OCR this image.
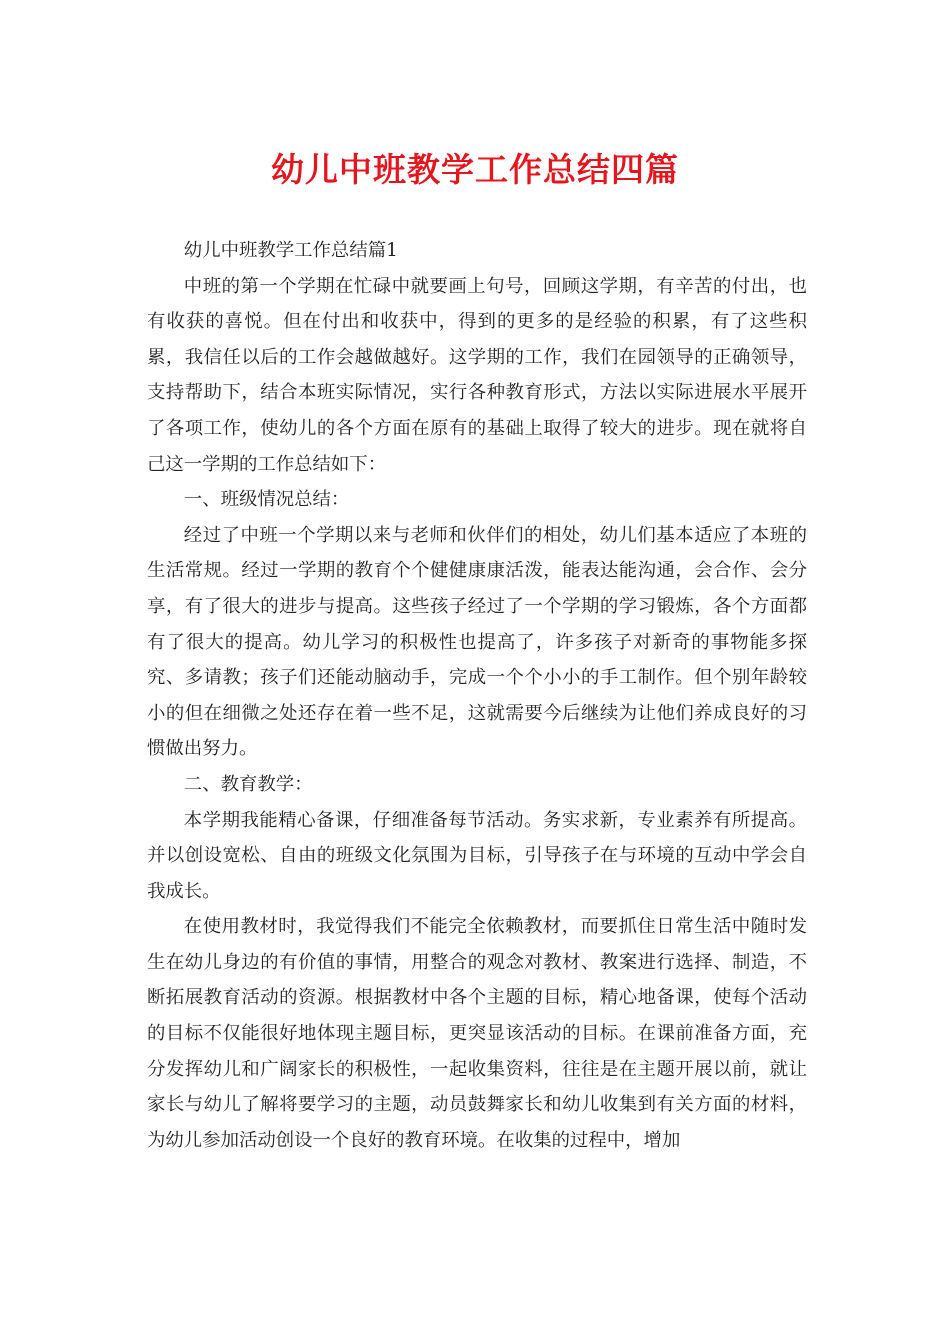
幼儿中班教学工作总结四篇

幼儿中班教学工作总结篇1

中班的第一个学期在忙碌中就要画上句号，回顾这学期，有辛苦的付出，也有收获的喜悦。但在付出和收获中，得到的更多的是经验的积累，有了这些积累，我信任以后的工作会越做越好。这学期的工作，我们在园领导的正确领导，支持帮助下，结合本班实际情况，实行各种教育形式，方法以实际进展水平展开了各项工作，使幼儿的各个方面在原有的基础上取得了较大的进步。现在就将自己这一学期的工作总结如下：

一、班级情况总结：

经过了中班一个学期以来与老师和伙伴们的相处，幼儿们基本适应了本班的生活常规。经过一学期的教育个个健健康康活泼，能表达能沟通，会合作、会分享，有了很大的进步与提高。这些孩子经过了一个学期的学习锻炼，各个方面都有了很大的提高。幼儿学习的积极性也提高了，许多孩子对新奇的事物能多探究、多请教；孩子们还能动脑动手，完成一个个小小的手工制作。但个别年龄较小的但在细微之处还存在着一些不足，这就需要今后继续为让他们养成良好的习惯做出努力。

二、教育教学：

本学期我能精心备课，仔细准备每节活动。务实求新，专业素养有所提高。并以创设宽松、自由的班级文化氛围为目标，引导孩子在与环境的互动中学会自我成长。

在使用教材时，我觉得我们不能完全依赖教材，而要抓住日常生活中随时发生在幼儿身边的有价值的事情，用整合的观念对教材、教案进行选择、制造，不断拓展教育活动的资源。根据教材中各个主题的目标，精心地备课，使每个活动的目标不仅能很好地体现主题目标，更突显该活动的目标。在课前准备方面，充分发挥幼儿和广阔家长的积极性，一起收集资料，往往是在主题开展以前，就让家长与幼儿了解将要学习的主题，动员鼓舞家长和幼儿收集到有关方面的材料，为幼儿参加活动创设一个良好的教育环境。在收集的过程中，增加
